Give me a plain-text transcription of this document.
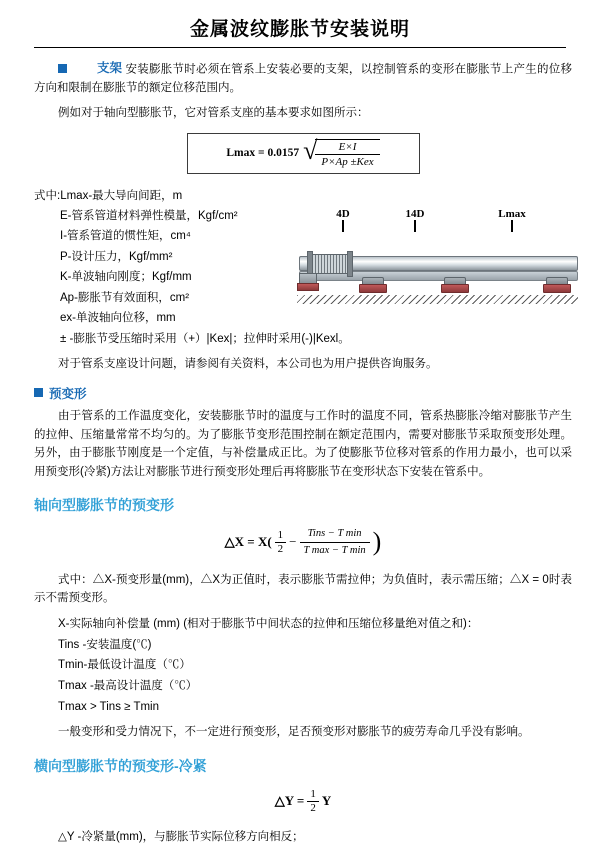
金属波纹膨胀节安装说明

支架 安装膨胀节时必须在管系上安装必要的支架，以控制管系的变形在膨胀节上产生的位移方向和限制在膨胀节的额定位移范围内。

例如对于轴向型膨胀节，它对管系支座的基本要求如图所示：

Lmax = 0.0157 √
$\frac{E\times I}{\text{P×Ap ±Kex}}$
式中:Lmax-最大导向间距，m
E-管系管道材料弹性模量，Kgf/cm²
I-管系管道的惯性矩，cm⁴
P-设计压力，Kgf/mm²
K-单波轴向刚度；Kgf/mm
Ap-膨胀节有效面积，cm²
ex-单波轴向位移，mm
± -膨胀节受压缩时采用（+）|Kex|；拉伸时采用(-)|Kexl。
4D	14D	Lmax

对于管系支座设计问题，请参阅有关资料，本公司也为用户提供咨询服务。

预变形

由于管系的工作温度变化，安装膨胀节时的温度与工作时的温度不同，管系热膨胀冷缩对膨胀节产生的拉伸、压缩量常常不均匀的。为了膨胀节变形范围控制在额定范围内，需要对膨胀节采取预变形处理。另外，由于膨胀节刚度是一个定值，与补偿量成正比。为了使膨胀节位移对管系的作用力最小，也可以采用预变形(冷紧)方法让对膨胀节进行预变形处理后再将膨胀节在变形状态下安装在管系中。

轴向型膨胀节的预变形
△X = $X( \frac{1}{2}$ −
Tins − T min
T max − T min )

式中：△X-预变形量(mm)，△X为正值时，表示膨胀节需拉伸；为负值时，表示需压缩；△X = 0时表示不需预变形。

X-实际轴向补偿量 (mm) (相对于膨胀节中间状态的拉伸和压缩位移量绝对值之和)：
Tins -安装温度(℃)
Tmin-最低设计温度（℃）
Tmax -最高设计温度（℃）
Tmax > Tins ≥ Tmin

一般变形和受力情况下，不一定进行预变形，足否预变形对膨胀节的疲劳寿命几乎没有影响。

横向型膨胀节的预变形-冷紧
△Y = $\frac{1}{2}$ Y

△Y -冷紧量(mm)，与膨胀节实际位移方向相反；
